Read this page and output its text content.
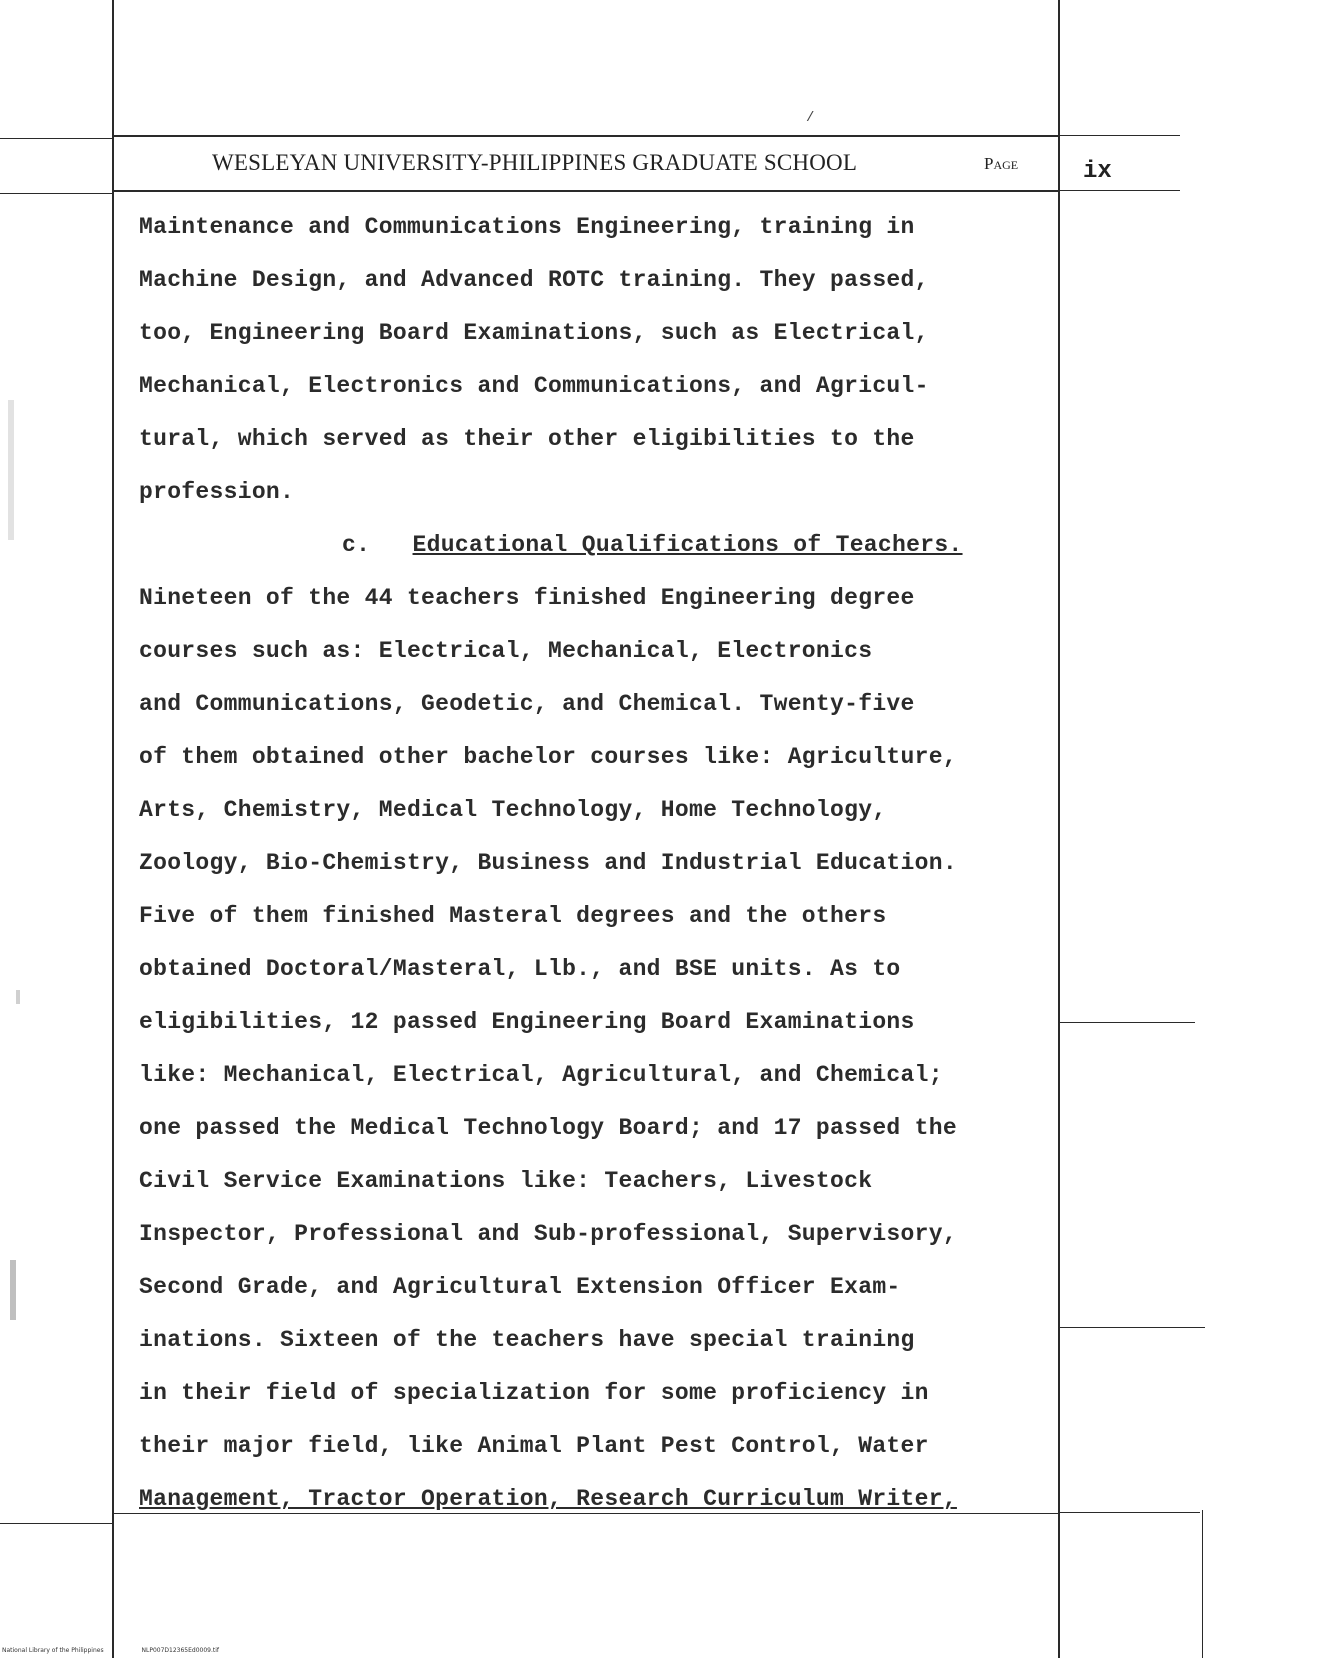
/
WESLEYAN UNIVERSITY-PHILIPPINES GRADUATE SCHOOL	Page	ix
Maintenance and Communications Engineering, training in
Machine Design, and Advanced ROTC training. They passed,
too, Engineering Board Examinations, such as Electrical,
Mechanical, Electronics and Communications, and Agricul-
tural, which served as their other eligibilities to the
profession.
c. Educational Qualifications of Teachers.
Nineteen of the 44 teachers finished Engineering degree
courses such as: Electrical, Mechanical, Electronics
and Communications, Geodetic, and Chemical. Twenty-five
of them obtained other bachelor courses like: Agriculture,
Arts, Chemistry, Medical Technology, Home Technology,
Zoology, Bio-Chemistry, Business and Industrial Education.
Five of them finished Masteral degrees and the others
obtained Doctoral/Masteral, Llb., and BSE units. As to
eligibilities, 12 passed Engineering Board Examinations
like: Mechanical, Electrical, Agricultural, and Chemical;
one passed the Medical Technology Board; and 17 passed the
Civil Service Examinations like: Teachers, Livestock
Inspector, Professional and Sub-professional, Supervisory,
Second Grade, and Agricultural Extension Officer Exam-
inations. Sixteen of the teachers have special training
in their field of specialization for some proficiency in
their major field, like Animal Plant Pest Control, Water
Management, Tractor Operation, Research Curriculum Writer,
National Library of the Philippines	NLP007D12365Ed0009.tif
